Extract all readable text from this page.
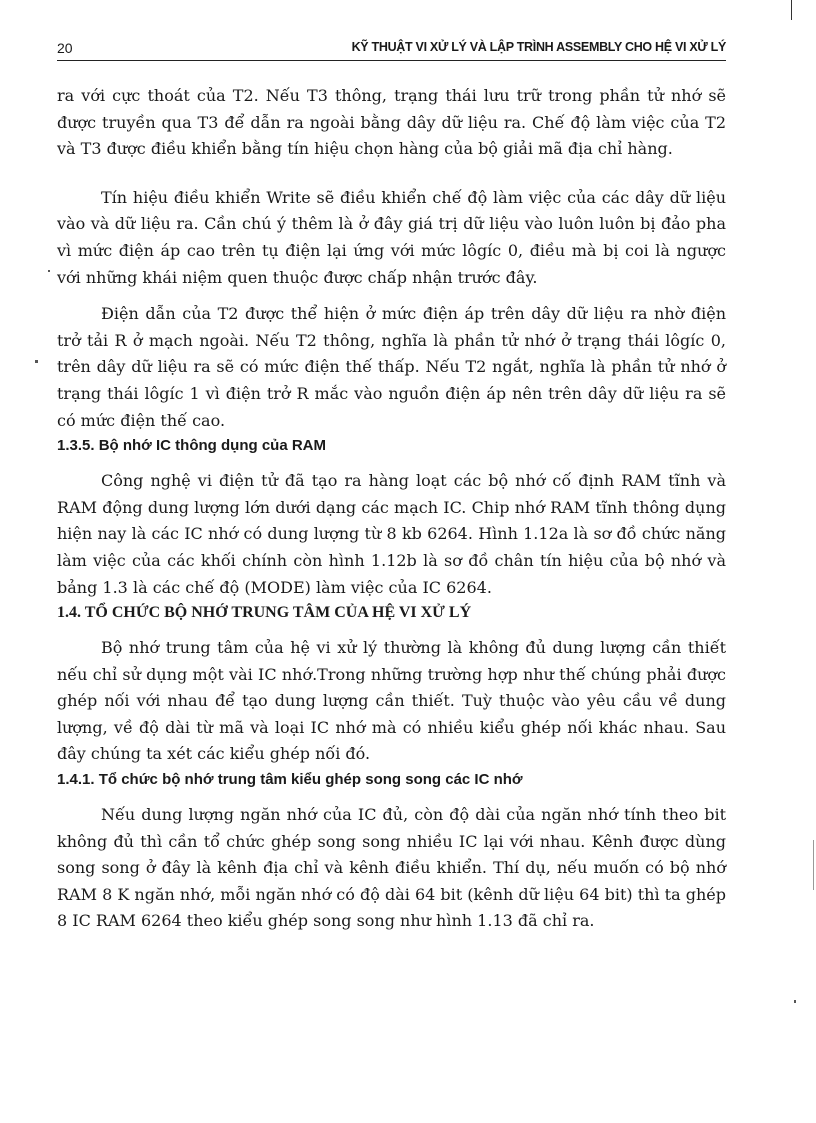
20	KỸ THUẬT VI XỬ LÝ VÀ LẬP TRÌNH ASSEMBLY CHO HỆ VI XỬ LÝ

ra với cực thoát của T2. Nếu T3 thông, trạng thái lưu trữ trong phần tử nhớ sẽ được truyền qua T3 để dẫn ra ngoài bằng dây dữ liệu ra. Chế độ làm việc của T2 và T3 được điều khiển bằng tín hiệu chọn hàng của bộ giải mã địa chỉ hàng.

Tín hiệu điều khiển Write sẽ điều khiển chế độ làm việc của các dây dữ liệu vào và dữ liệu ra. Cần chú ý thêm là ở đây giá trị dữ liệu vào luôn luôn bị đảo pha vì mức điện áp cao trên tụ điện lại ứng với mức lôgíc 0, điều mà bị coi là ngược với những khái niệm quen thuộc được chấp nhận trước đây.

Điện dẫn của T2 được thể hiện ở mức điện áp trên dây dữ liệu ra nhờ điện trở tải R ở mạch ngoài. Nếu T2 thông, nghĩa là phần tử nhớ ở trạng thái lôgíc 0, trên dây dữ liệu ra sẽ có mức điện thế thấp. Nếu T2 ngắt, nghĩa là phần tử nhớ ở trạng thái lôgíc 1 vì điện trở R mắc vào nguồn điện áp nên trên dây dữ liệu ra sẽ có mức điện thế cao.

1.3.5. Bộ nhớ IC thông dụng của RAM

Công nghệ vi điện tử đã tạo ra hàng loạt các bộ nhớ cố định RAM tĩnh và RAM động dung lượng lớn dưới dạng các mạch IC. Chip nhớ RAM tĩnh thông dụng hiện nay là các IC nhớ có dung lượng từ 8 kb 6264. Hình 1.12a là sơ đồ chức năng làm việc của các khối chính còn hình 1.12b là sơ đồ chân tín hiệu của bộ nhớ và bảng 1.3 là các chế độ (MODE) làm việc của IC 6264.

1.4. TỔ CHỨC BỘ NHỚ TRUNG TÂM CỦA HỆ VI XỬ LÝ

Bộ nhớ trung tâm của hệ vi xử lý thường là không đủ dung lượng cần thiết nếu chỉ sử dụng một vài IC nhớ.Trong những trường hợp như thế chúng phải được ghép nối với nhau để tạo dung lượng cần thiết. Tuỳ thuộc vào yêu cầu về dung lượng, về độ dài từ mã và loại IC nhớ mà có nhiều kiểu ghép nối khác nhau. Sau đây chúng ta xét các kiểu ghép nối đó.

1.4.1. Tổ chức bộ nhớ trung tâm kiểu ghép song song các IC nhớ

Nếu dung lượng ngăn nhớ của IC đủ, còn độ dài của ngăn nhớ tính theo bit không đủ thì cần tổ chức ghép song song nhiều IC lại với nhau. Kênh được dùng song song ở đây là kênh địa chỉ và kênh điều khiển. Thí dụ, nếu muốn có bộ nhớ RAM 8 K ngăn nhớ, mỗi ngăn nhớ có độ dài 64 bit (kênh dữ liệu 64 bit) thì ta ghép 8 IC RAM 6264 theo kiểu ghép song song như hình 1.13 đã chỉ ra.
